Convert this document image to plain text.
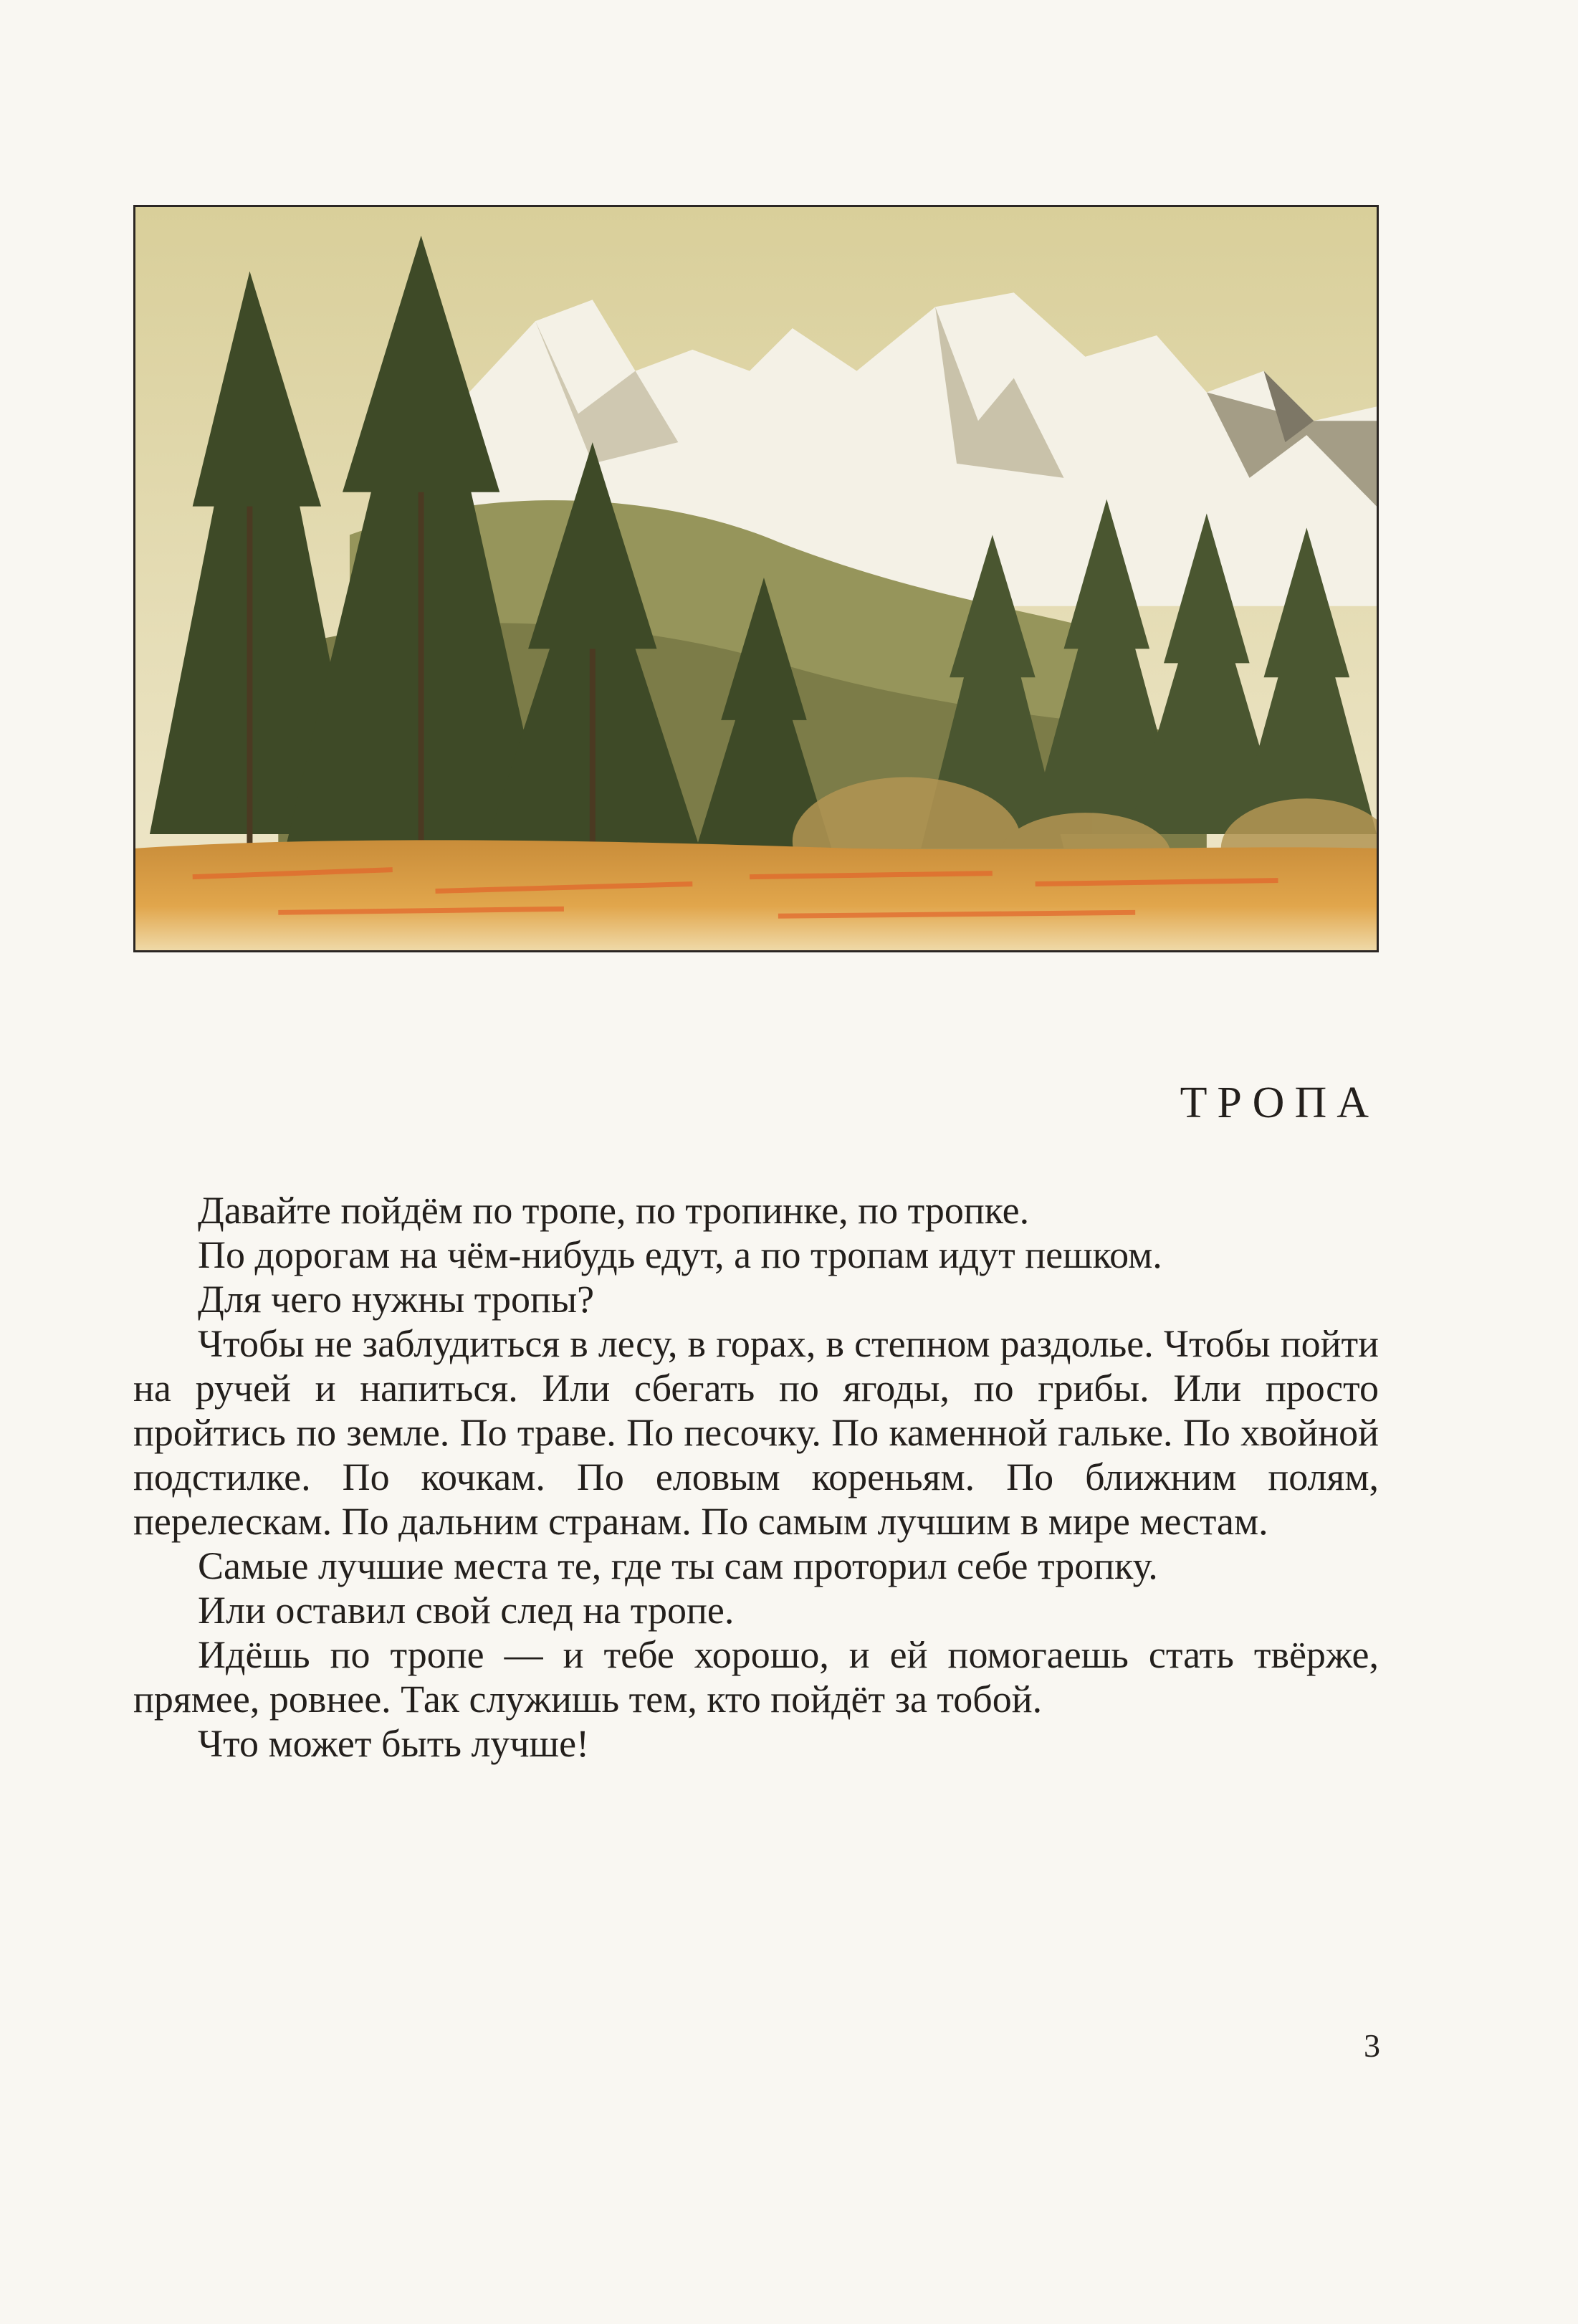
ТРОПА

Давайте пойдём по тропе, по тропинке, по тропке.

По дорогам на чём-нибудь едут, а по тропам идут пешком.

Для чего нужны тропы?

Чтобы не заблудиться в лесу, в горах, в степном раздолье. Чтобы пойти на ручей и напиться. Или сбегать по ягоды, по грибы. Или просто пройтись по земле. По траве. По песочку. По каменной гальке. По хвойной подстилке. По кочкам. По еловым кореньям. По ближним полям, перелескам. По дальним странам. По самым лучшим в мире местам.

Самые лучшие места те, где ты сам проторил себе тропку.

Или оставил свой след на тропе.

Идёшь по тропе — и тебе хорошо, и ей помогаешь стать твёрже, прямее, ровнее. Так служишь тем, кто пойдёт за тобой.

Что может быть лучше!

3
